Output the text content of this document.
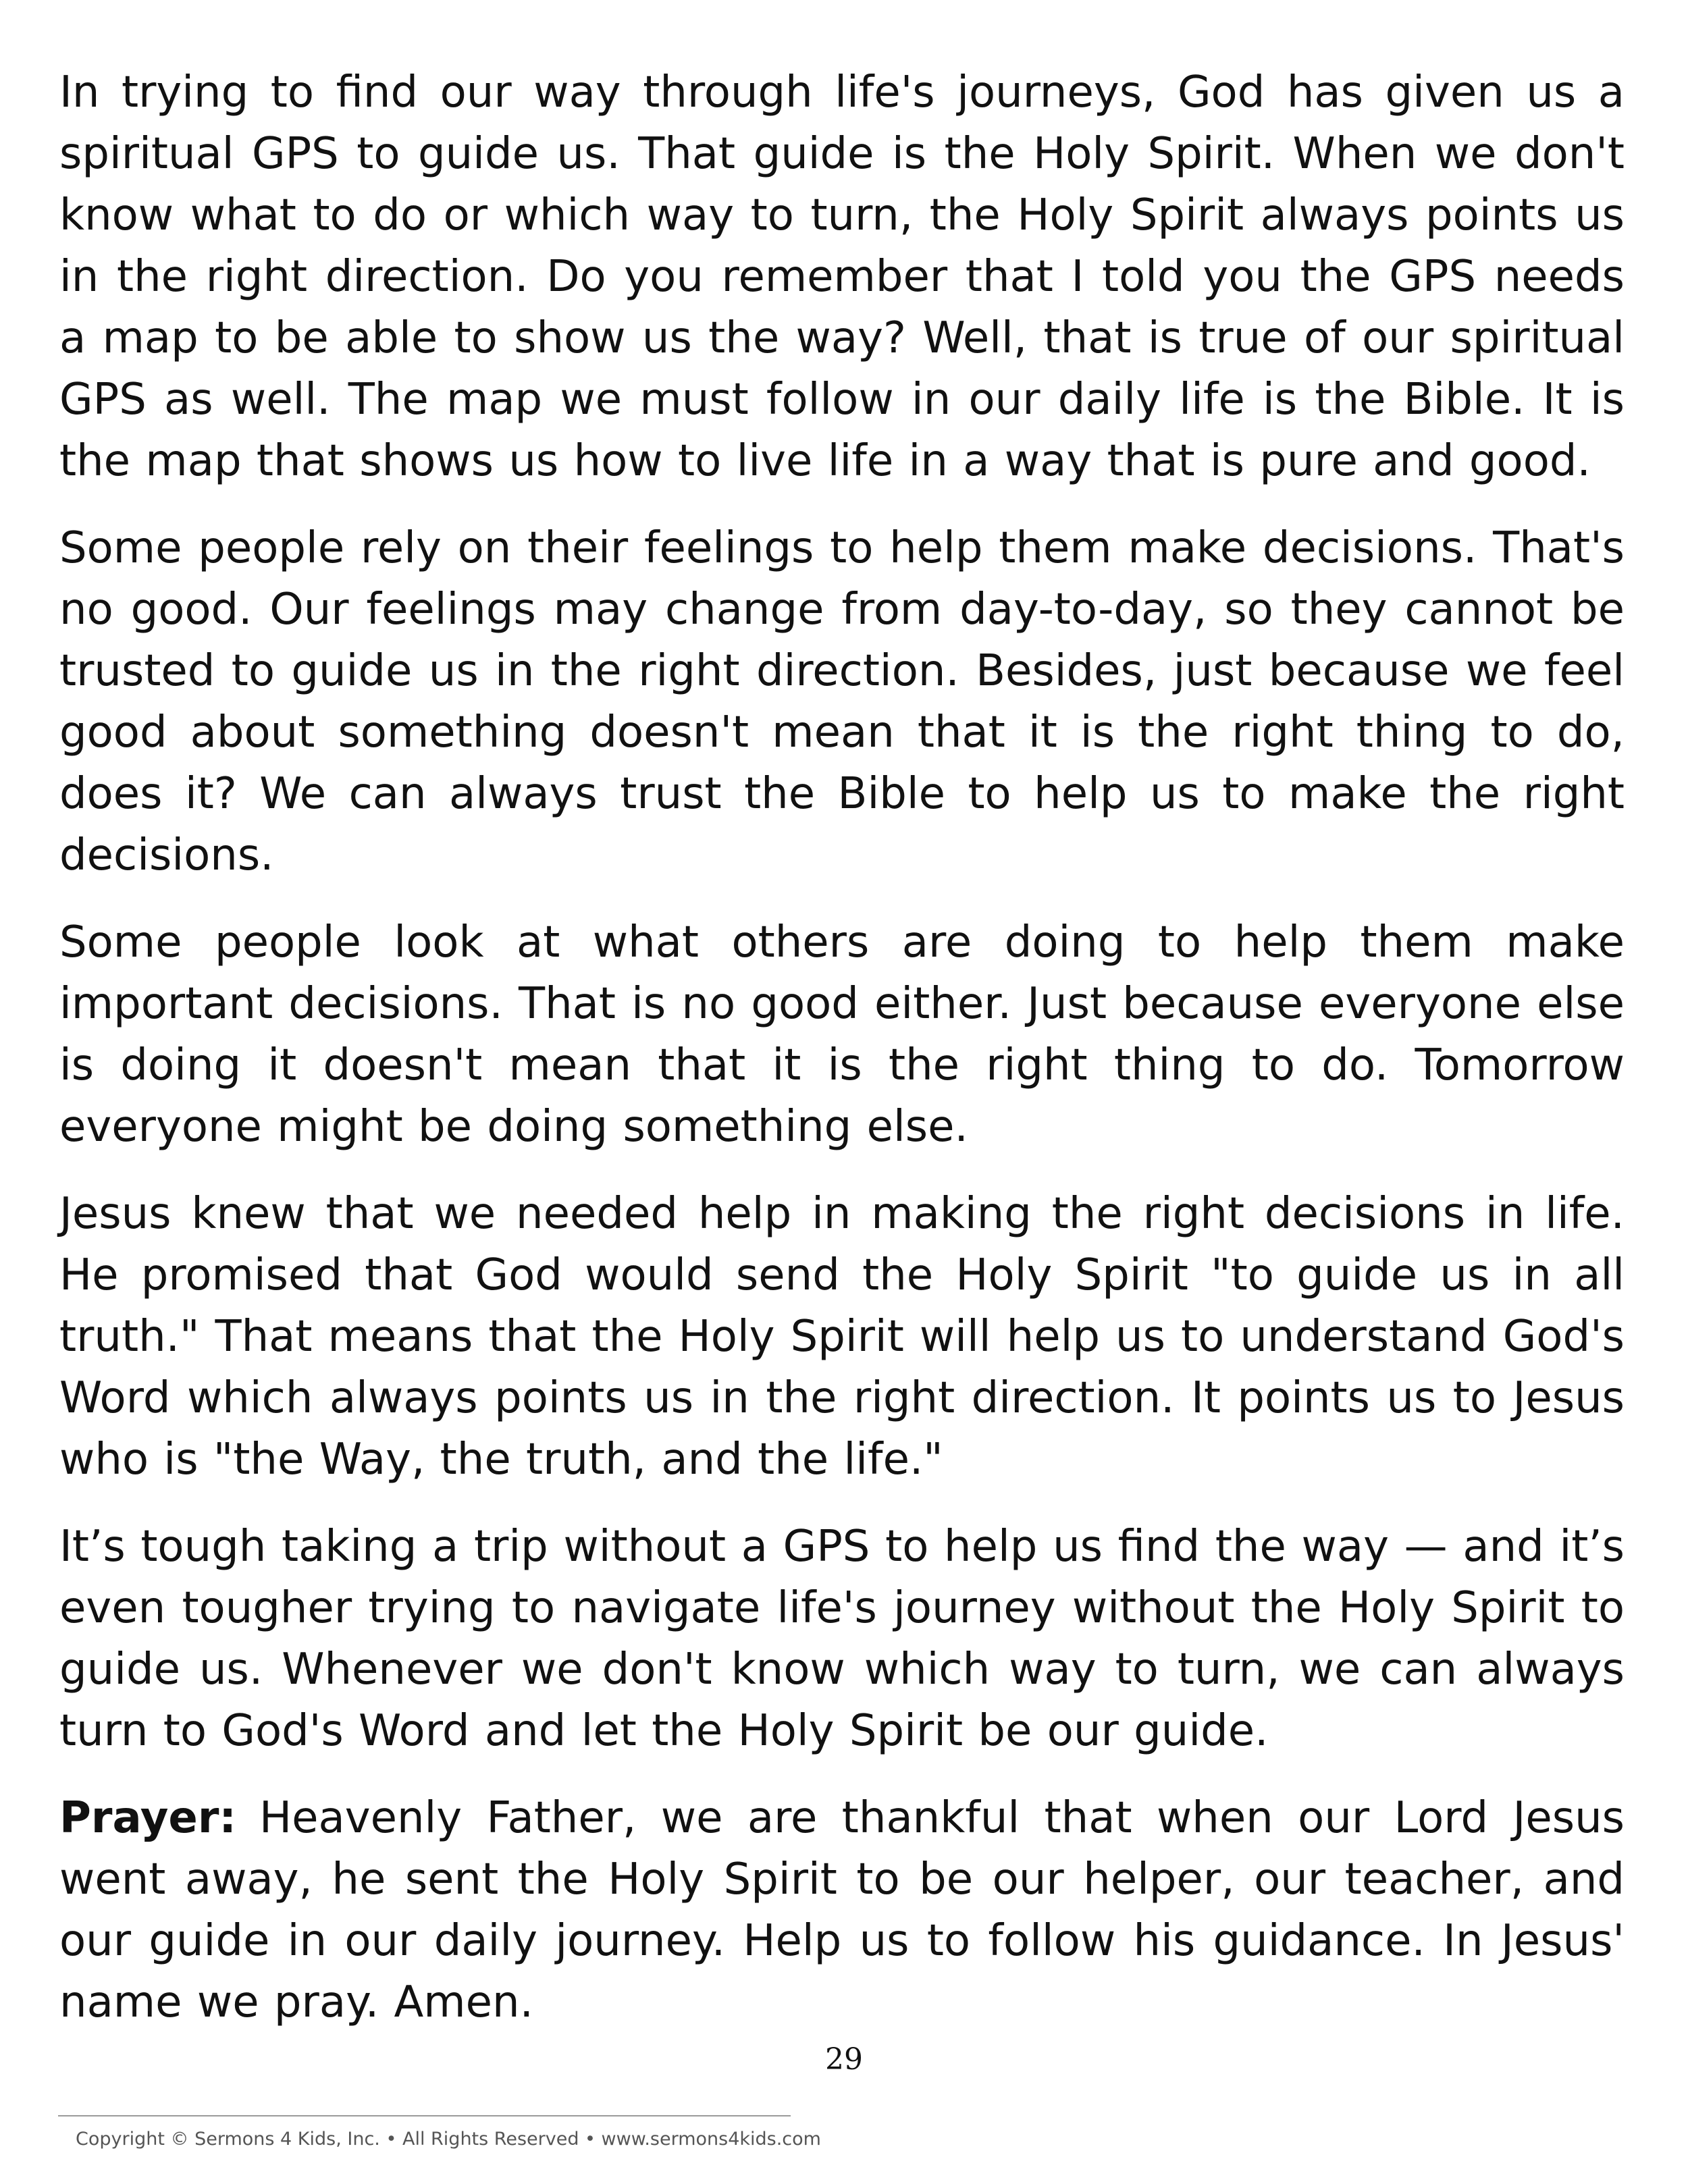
In trying to find our way through life's journeys, God has given us a spiritual GPS to guide us. That guide is the Holy Spirit. When we don't know what to do or which way to turn, the Holy Spirit always points us in the right direction. Do you remember that I told you the GPS needs a map to be able to show us the way? Well, that is true of our spiritual GPS as well. The map we must follow in our daily life is the Bible. It is the map that shows us how to live life in a way that is pure and good.

Some people rely on their feelings to help them make decisions. That's no good. Our feelings may change from day-to-day, so they cannot be trusted to guide us in the right direction. Besides, just because we feel good about something doesn't mean that it is the right thing to do, does it? We can always trust the Bible to help us to make the right decisions.

Some people look at what others are doing to help them make important decisions. That is no good either. Just because everyone else is doing it doesn't mean that it is the right thing to do. Tomorrow everyone might be doing something else.

Jesus knew that we needed help in making the right decisions in life. He promised that God would send the Holy Spirit "to guide us in all truth." That means that the Holy Spirit will help us to understand God's Word which always points us in the right direction. It points us to Jesus who is "the Way, the truth, and the life."

It’s tough taking a trip without a GPS to help us find the way — and it’s even tougher trying to navigate life's journey without the Holy Spirit to guide us. Whenever we don't know which way to turn, we can always turn to God's Word and let the Holy Spirit be our guide.

Prayer: Heavenly Father, we are thankful that when our Lord Jesus went away, he sent the Holy Spirit to be our helper, our teacher, and our guide in our daily journey. Help us to follow his guidance. In Jesus' name we pray. Amen.

29
Copyright © Sermons 4 Kids, Inc. • All Rights Reserved • www.sermons4kids.com
